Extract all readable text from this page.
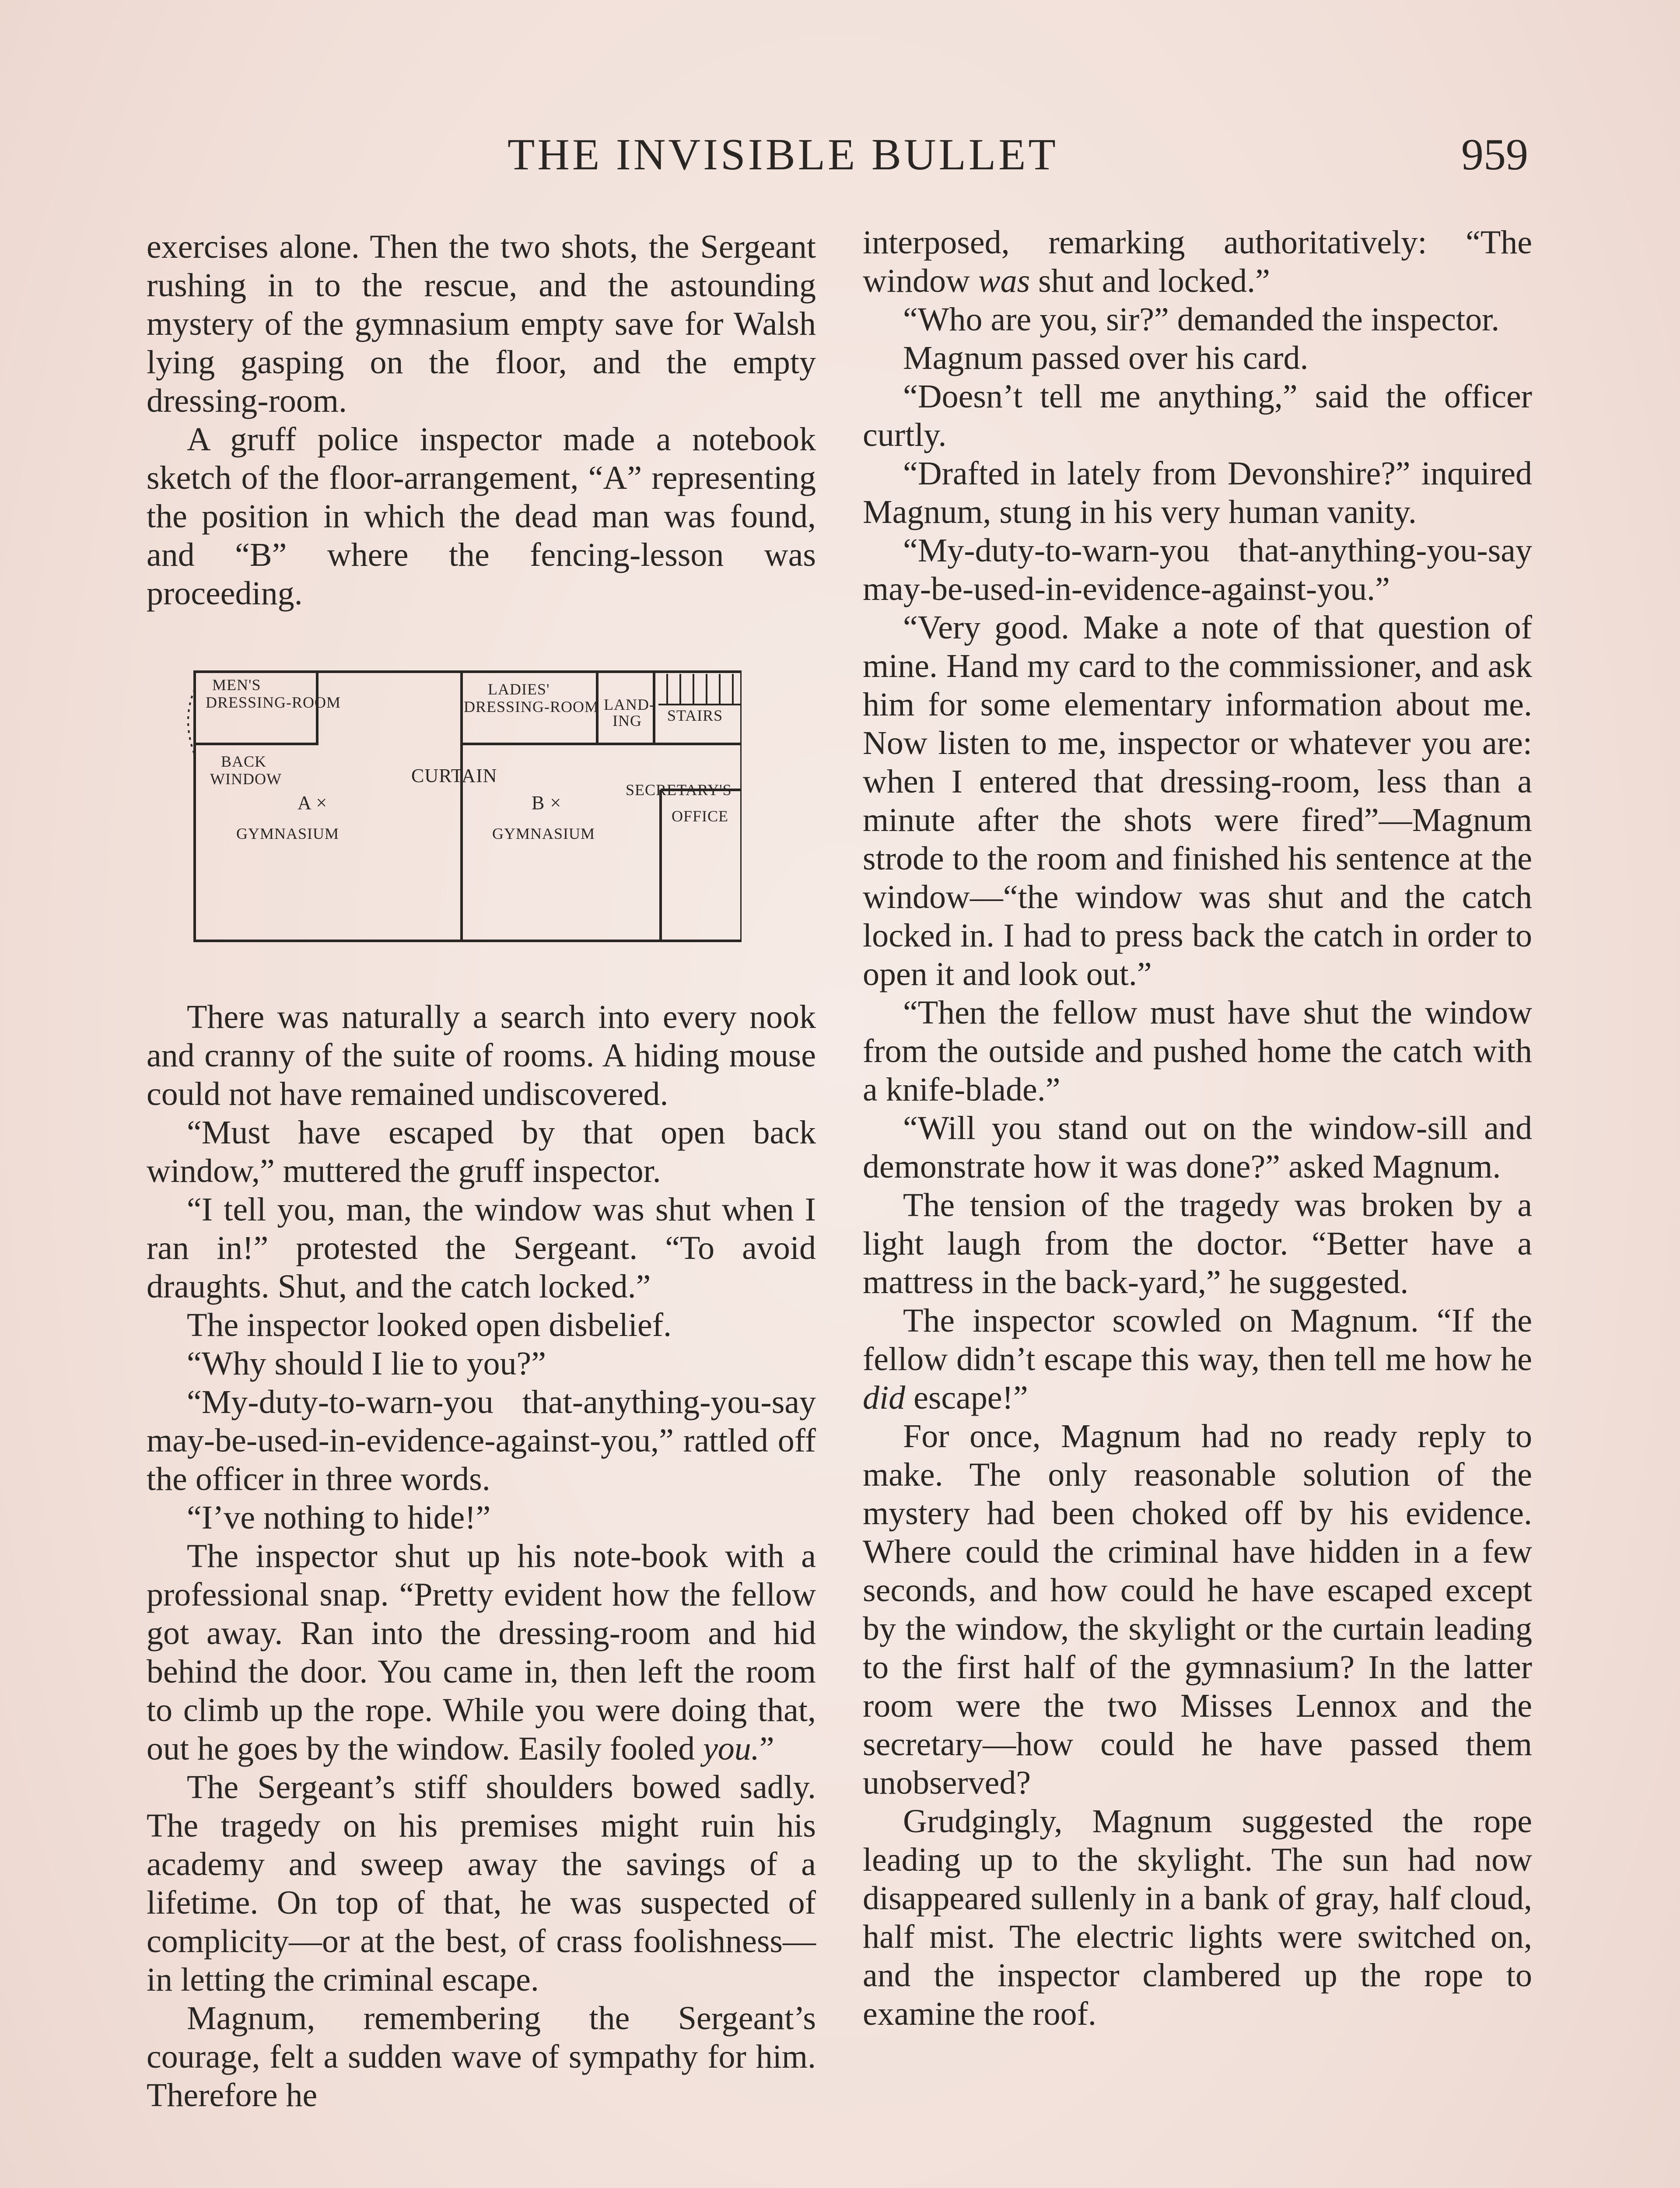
THE INVISIBLE BULLET	959

exercises alone. Then the two shots, the Sergeant rushing in to the rescue, and the astounding mystery of the gymnasium empty save for Walsh lying gasping on the floor, and the empty dressing-room.

A gruff police inspector made a notebook sketch of the floor-arrangement, “A” representing the position in which the dead man was found, and “B” where the fencing-lesson was proceeding.

MEN'S
DRESSING-ROOM
LADIES'
DRESSING-ROOM LAND-
ING STAIRS
BACK
WINDOW	CURTAIN
A ×	B ×
SECRETARY'S
OFFICE
GYMNASIUM	GYMNASIUM

There was naturally a search into every nook and cranny of the suite of rooms. A hiding mouse could not have remained undiscovered.

“Must have escaped by that open back window,” muttered the gruff inspector.

“I tell you, man, the window was shut when I ran in!” protested the Sergeant. “To avoid draughts. Shut, and the catch locked.”

The inspector looked open disbelief.

“Why should I lie to you?”

“My-duty-to-warn-you that-anything-you-say may-be-used-in-evidence-against-you,” rattled off the officer in three words.

“I’ve nothing to hide!”

The inspector shut up his note-book with a professional snap. “Pretty evident how the fellow got away. Ran into the dressing-room and hid behind the door. You came in, then left the room to climb up the rope. While you were doing that, out he goes by the window. Easily fooled you.”

The Sergeant’s stiff shoulders bowed sadly. The tragedy on his premises might ruin his academy and sweep away the savings of a lifetime. On top of that, he was suspected of complicity—or at the best, of crass foolishness—in letting the criminal escape.

Magnum, remembering the Sergeant’s courage, felt a sudden wave of sympathy for him. Therefore he

interposed, remarking authoritatively: “The window was shut and locked.”

“Who are you, sir?” demanded the inspector.

Magnum passed over his card.

“Doesn’t tell me anything,” said the officer curtly.

“Drafted in lately from Devonshire?” inquired Magnum, stung in his very human vanity.

“My-duty-to-warn-you that-anything-you-say may-be-used-in-evidence-against-you.”

“Very good. Make a note of that question of mine. Hand my card to the commissioner, and ask him for some elementary information about me. Now listen to me, inspector or whatever you are: when I entered that dressing-room, less than a minute after the shots were fired”—Magnum strode to the room and finished his sentence at the window—“the window was shut and the catch locked in. I had to press back the catch in order to open it and look out.”

“Then the fellow must have shut the window from the outside and pushed home the catch with a knife-blade.”

“Will you stand out on the window-sill and demonstrate how it was done?” asked Magnum.

The tension of the tragedy was broken by a light laugh from the doctor. “Better have a mattress in the back-yard,” he suggested.

The inspector scowled on Magnum. “If the fellow didn’t escape this way, then tell me how he did escape!”

For once, Magnum had no ready reply to make. The only reasonable solution of the mystery had been choked off by his evidence. Where could the criminal have hidden in a few seconds, and how could he have escaped except by the window, the skylight or the curtain leading to the first half of the gymnasium? In the latter room were the two Misses Lennox and the secretary—how could he have passed them unobserved?

Grudgingly, Magnum suggested the rope leading up to the skylight. The sun had now disappeared sullenly in a bank of gray, half cloud, half mist. The electric lights were switched on, and the inspector clambered up the rope to examine the roof.
